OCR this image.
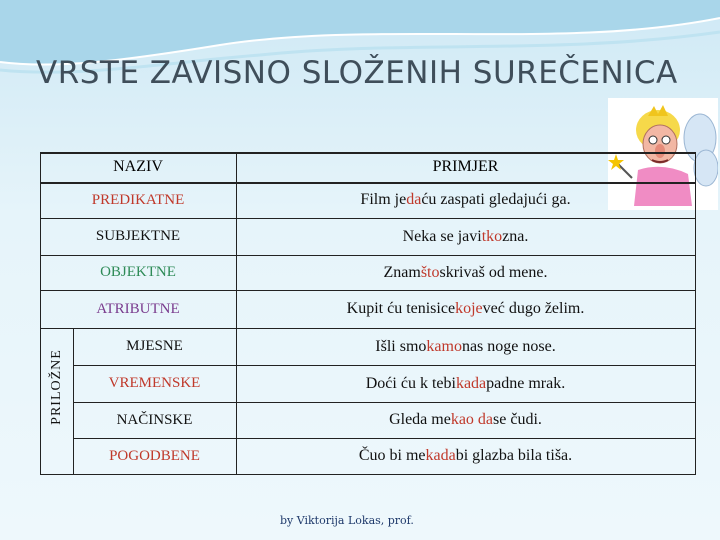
VRSTE ZAVISNO SLOŽENIH SUREČENICA
NAZIV	PRIMJER
PRILOŽNE
PREDIKATNE	Film je da ću zaspati gledajući ga.
SUBJEKTNE	Neka se javi tko zna.
OBJEKTNE	Znam što skrivaš od mene.
ATRIBUTNE	Kupit ću tenisice koje već dugo želim.
MJESNE	Išli smo kamo nas noge nose.
VREMENSKE	Doći ću k tebi kada padne mrak.
NAČINSKE	Gleda me kao da se čudi.
POGODBENE	Čuo bi me kada bi glazba bila tiša.
by Viktorija Lokas, prof.
